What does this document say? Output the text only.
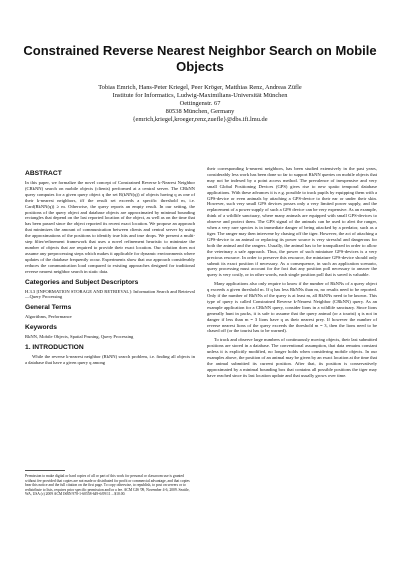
Constrained Reverse Nearest Neighbor Search on Mobile Objects
Tobias Emrich, Hans-Peter Kriegel, Peer Kröger, Matthias Renz, Andreas Züfle
Institute for Informatics, Ludwig-Maximilians-Universität München
Oettingenstr. 67
80538 München, Germany
{emrich,kriegel,kroeger,renz,zuefle}@dbs.ifi.lmu.de
ABSTRACT

In this paper, we formalize the novel concept of Constrained Reverse k-Nearest Neighbor (CRkNN) search on mobile objects (clients) performed at a central server. The CRkNN query computes for a given query object q the set R(kNN(q)) of objects having q as one of their k-nearest neighbors, iff the result set exceeds a specific threshold m, i.e. Card(RkNN(q)) ≥ m. Otherwise, the query reports an empty result. In our setting, the positions of the query object and database objects are approximated by minimal bounding rectangles that depend on the last reported location of the object, as well as on the time that has been passed since the object reported its recent exact location. We propose an approach that minimizes the amount of communication between clients and central server by using the approximations of the positions to identify true hits and true drops. We present a multi-step filter/refinement framework that uses a novel refinement heuristic to minimize the number of objects that are required to provide their exact location. Our solution does not assume any preprocessing steps which makes it applicable for dynamic environments where updates of the database frequently occur. Experiments show that our approach considerably reduces the communication load compared to existing approaches designed for traditional reverse nearest neighbor search in static data.

Categories and Subject Descriptors

H.3.3 [INFORMATION STORAGE AND RETRIEVAL]: Information Search and Retrieval—Query Processing

General Terms

Algorithms, Performance

Keywords

RkNN, Mobile Objects, Spatial Pruning, Query Processing

1. INTRODUCTION

While the reverse k-nearest neighbor (RkNN) search problem, i.e. finding all objects in a database that have a given query q among

Permission to make digital or hard copies of all or part of this work for personal or classroom use is granted without fee provided that copies are not made or distributed for profit or commercial advantage, and that copies bear this notice and the full citation on the first page. To copy otherwise, to republish, to post on servers or to redistribute to lists, requires prior specific permission and/or a fee. ACM GIS '09, November 4-6, 2009. Seattle, WA, USA (c) 2009 ACM ISBN 978-1-60558-649-6/09/11 ...$10.00.

their corresponding k-nearest neighbors, has been studied extensively in the past years, considerably less work has been done so far to support RkNN queries on mobile objects that may not be indexed by a point access method. The prevalence of inexpensive and very small Global Positioning Devices (GPS) gives rise to new spatio temporal database applications. With these advances it is e.g. possible to track pupils by equipping them with a GPS-device or even animals by attaching a GPS-device to their ear or under their skin. However, such very small GPS devices posses only a very limited power supply, and the replacement of a power supply of such a GPS device can be very expensive. As an example, think of a wildlife sanctuary, where many animals are equipped with small GPS-devices to observe and protect them. The GPS signal of the animals can be used to alert the ranger, when a very rare species is in immediate danger of being attacked by a predator, such as a tiger. The ranger may then intervene by chasing off the tiger. However, the act of attaching a GPS-device to an animal or replacing its power source is very stressful and dangerous for both the animal and the rangers. Usually, the animal has to be tranquilized in order to allow the veterinary a safe approach. Thus, the power of such miniature GPS-devices is a very precious resource. In order to preserve this resource, the miniature GPS-device should only submit its exact position if necessary. As a consequence, in such an application scenario, query processing must account for the fact that any position poll necessary to answer the query is very costly, or in other words, each single position poll that is saved is valuable.

Many applications also only require to know if the number of RkNNs of a query object q exceeds a given threshold m. If q has less RkNNs than m, no results need to be reported. Only if the number of RkNNs of the query is at least m, all RkNNs need to be known. This type of query is called Constrained Reverse k-Nearest Neighbor (CRkNN) query. As an example application for a CRkNN query, consider lions in a wildlife sanctuary. Since lions generally hunt in packs, it is safe to assume that the query animal (or a tourist) q is not in danger if less than m = 3 lions have q as their nearest prey. If however the number of reverse nearest lions of the query exceeds the threshold m = 3, then the lions need to be chased off (or the tourist has to be warned).

To track and observe large numbers of continuously moving objects, their last submitted positions are stored in a database. The conventional assumption, that data remains constant unless it is explicitly modified, no longer holds when considering mobile objects. In our examples above, the position of an animal may be given by an exact location at the time that the animal submitted its current position. After that, its position is conservatively approximated by a minimal bounding box that contains all possible positions the tiger may have reached since its last location update and that usually grows over time.
